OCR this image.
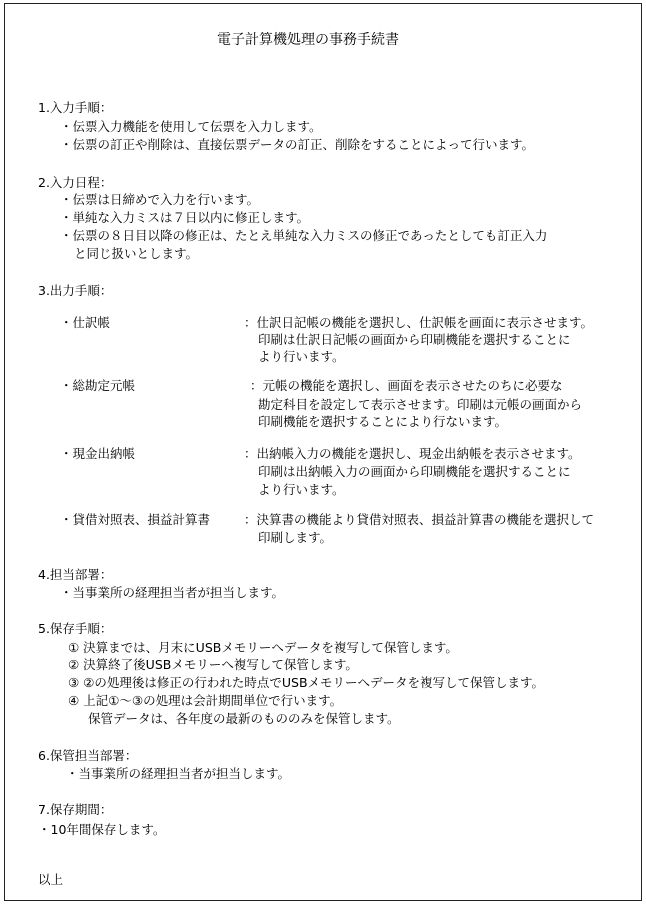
電子計算機処理の事務手続書
1.入力手順：
・伝票入力機能を使用して伝票を入力します。
・伝票の訂正や削除は、直接伝票データの訂正、削除をすることによって行います。
2.入力日程：
・伝票は日締めで入力を行います。
・単純な入力ミスは７日以内に修正します。
・伝票の８日目以降の修正は、たとえ単純な入力ミスの修正であったとしても訂正入力
と同じ扱いとします。
3.出力手順：
・仕訳帳	：仕訳日記帳の機能を選択し、仕訳帳を画面に表示させます。
印刷は仕訳日記帳の画面から印刷機能を選択することに
より行います。
・総勘定元帳	：元帳の機能を選択し、画面を表示させたのちに必要な
勘定科目を設定して表示させます。印刷は元帳の画面から
印刷機能を選択することにより行ないます。
・現金出納帳	：出納帳入力の機能を選択し、現金出納帳を表示させます。
印刷は出納帳入力の画面から印刷機能を選択することに
より行います。
・貸借対照表、損益計算書	：決算書の機能より貸借対照表、損益計算書の機能を選択して
印刷します。
4.担当部署：
・当事業所の経理担当者が担当します。
5.保存手順：
① 決算までは、月末にUSBメモリーへデータを複写して保管します。
② 決算終了後USBメモリーへ複写して保管します。
③ ②の処理後は修正の行われた時点でUSBメモリーへデータを複写して保管します。
④ 上記①～③の処理は会計期間単位で行います。
保管データは、各年度の最新のもののみを保管します。
6.保管担当部署：
・当事業所の経理担当者が担当します。
7.保存期間：
・10年間保存します。
以上
